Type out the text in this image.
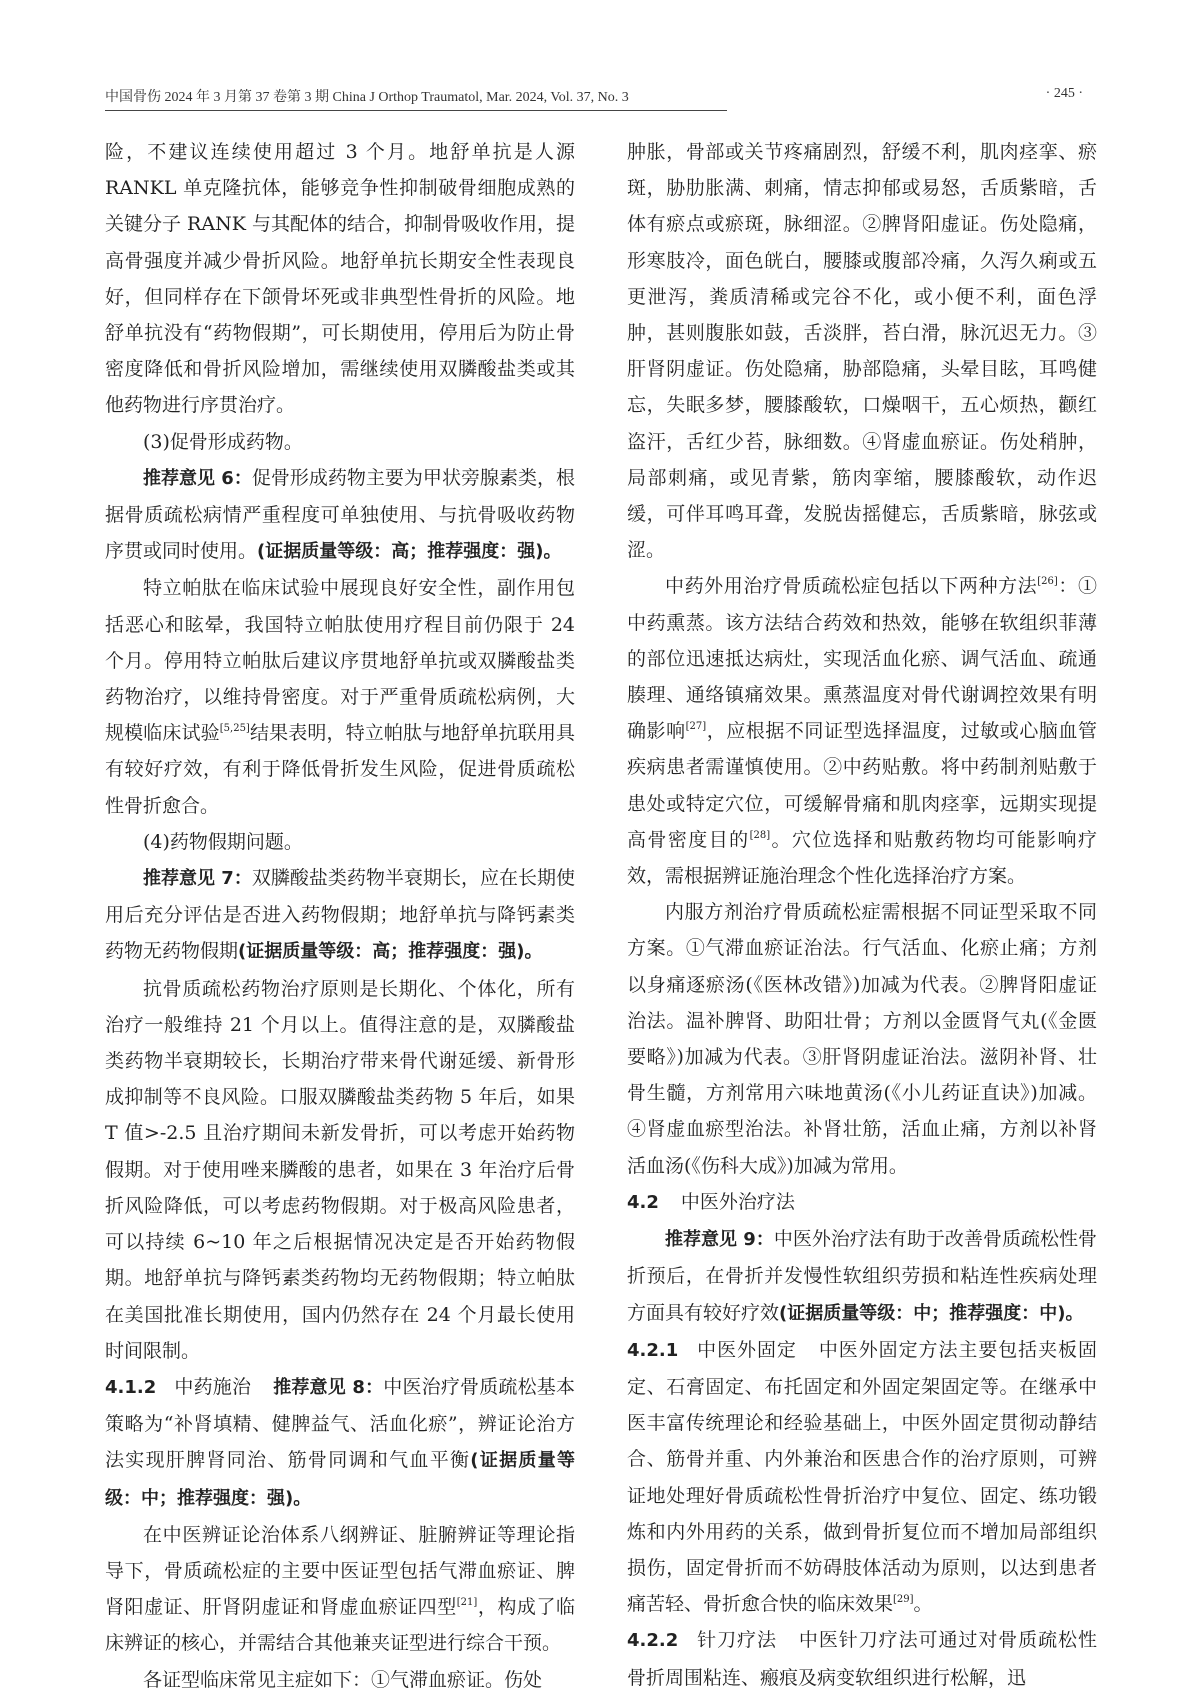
中国骨伤 2024 年 3 月第 37 卷第 3 期 China J Orthop Traumatol, Mar. 2024, Vol. 37, No. 3	· 245 ·

险，不建议连续使用超过 3 个月。地舒单抗是人源 RANKL 单克隆抗体，能够竞争性抑制破骨细胞成熟的关键分子 RANK 与其配体的结合，抑制骨吸收作用，提高骨强度并减少骨折风险。地舒单抗长期安全性表现良好，但同样存在下颌骨坏死或非典型性骨折的风险。地舒单抗没有“药物假期”，可长期使用，停用后为防止骨密度降低和骨折风险增加，需继续使用双膦酸盐类或其他药物进行序贯治疗。

(3)促骨形成药物。

推荐意见 6：促骨形成药物主要为甲状旁腺素类，根据骨质疏松病情严重程度可单独使用、与抗骨吸收药物序贯或同时使用。(证据质量等级：高；推荐强度：强)。

特立帕肽在临床试验中展现良好安全性，副作用包括恶心和眩晕，我国特立帕肽使用疗程目前仍限于 24 个月。停用特立帕肽后建议序贯地舒单抗或双膦酸盐类药物治疗，以维持骨密度。对于严重骨质疏松病例，大规模临床试验[5,25]结果表明，特立帕肽与地舒单抗联用具有较好疗效，有利于降低骨折发生风险，促进骨质疏松性骨折愈合。

(4)药物假期问题。

推荐意见 7：双膦酸盐类药物半衰期长，应在长期使用后充分评估是否进入药物假期；地舒单抗与降钙素类药物无药物假期(证据质量等级：高；推荐强度：强)。

抗骨质疏松药物治疗原则是长期化、个体化，所有治疗一般维持 21 个月以上。值得注意的是，双膦酸盐类药物半衰期较长，长期治疗带来骨代谢延缓、新骨形成抑制等不良风险。口服双膦酸盐类药物 5 年后，如果 T 值>-2.5 且治疗期间未新发骨折，可以考虑开始药物假期。对于使用唑来膦酸的患者，如果在 3 年治疗后骨折风险降低，可以考虑药物假期。对于极高风险患者，可以持续 6~10 年之后根据情况决定是否开始药物假期。地舒单抗与降钙素类药物均无药物假期；特立帕肽在美国批准长期使用，国内仍然存在 24 个月最长使用时间限制。

4.1.2 中药施治 推荐意见 8：中医治疗骨质疏松基本策略为“补肾填精、健脾益气、活血化瘀”，辨证论治方法实现肝脾肾同治、筋骨同调和气血平衡(证据质量等级：中；推荐强度：强)。

在中医辨证论治体系八纲辨证、脏腑辨证等理论指导下，骨质疏松症的主要中医证型包括气滞血瘀证、脾肾阳虚证、肝肾阴虚证和肾虚血瘀证四型[21]，构成了临床辨证的核心，并需结合其他兼夹证型进行综合干预。

各证型临床常见主症如下：①气滞血瘀证。伤处

肿胀，骨部或关节疼痛剧烈，舒缓不利，肌肉痉挛、瘀斑，胁肋胀满、刺痛，情志抑郁或易怒，舌质紫暗，舌体有瘀点或瘀斑，脉细涩。②脾肾阳虚证。伤处隐痛，形寒肢冷，面色㿠白，腰膝或腹部冷痛，久泻久痢或五更泄泻，粪质清稀或完谷不化，或小便不利，面色浮肿，甚则腹胀如鼓，舌淡胖，苔白滑，脉沉迟无力。③肝肾阴虚证。伤处隐痛，胁部隐痛，头晕目眩，耳鸣健忘，失眠多梦，腰膝酸软，口燥咽干，五心烦热，颧红盗汗，舌红少苔，脉细数。④肾虚血瘀证。伤处稍肿，局部刺痛，或见青紫，筋肉挛缩，腰膝酸软，动作迟缓，可伴耳鸣耳聋，发脱齿摇健忘，舌质紫暗，脉弦或涩。

中药外用治疗骨质疏松症包括以下两种方法[26]：①中药熏蒸。该方法结合药效和热效，能够在软组织菲薄的部位迅速抵达病灶，实现活血化瘀、调气活血、疏通腠理、通络镇痛效果。熏蒸温度对骨代谢调控效果有明确影响[27]，应根据不同证型选择温度，过敏或心脑血管疾病患者需谨慎使用。②中药贴敷。将中药制剂贴敷于患处或特定穴位，可缓解骨痛和肌肉痉挛，远期实现提高骨密度目的[28]。穴位选择和贴敷药物均可能影响疗效，需根据辨证施治理念个性化选择治疗方案。

内服方剂治疗骨质疏松症需根据不同证型采取不同方案。①气滞血瘀证治法。行气活血、化瘀止痛；方剂以身痛逐瘀汤(《医林改错》)加减为代表。②脾肾阳虚证治法。温补脾肾、助阳壮骨；方剂以金匮肾气丸(《金匮要略》)加减为代表。③肝肾阴虚证治法。滋阴补肾、壮骨生髓，方剂常用六味地黄汤(《小儿药证直诀》)加减。④肾虚血瘀型治法。补肾壮筋，活血止痛，方剂以补肾活血汤(《伤科大成》)加减为常用。

4.2 中医外治疗法

推荐意见 9：中医外治疗法有助于改善骨质疏松性骨折预后，在骨折并发慢性软组织劳损和粘连性疾病处理方面具有较好疗效(证据质量等级：中；推荐强度：中)。

4.2.1 中医外固定 中医外固定方法主要包括夹板固定、石膏固定、布托固定和外固定架固定等。在继承中医丰富传统理论和经验基础上，中医外固定贯彻动静结合、筋骨并重、内外兼治和医患合作的治疗原则，可辨证地处理好骨质疏松性骨折治疗中复位、固定、练功锻炼和内外用药的关系，做到骨折复位而不增加局部组织损伤，固定骨折而不妨碍肢体活动为原则，以达到患者痛苦轻、骨折愈合快的临床效果[29]。

4.2.2 针刀疗法 中医针刀疗法可通过对骨质疏松性骨折周围粘连、瘢痕及病变软组织进行松解，迅
